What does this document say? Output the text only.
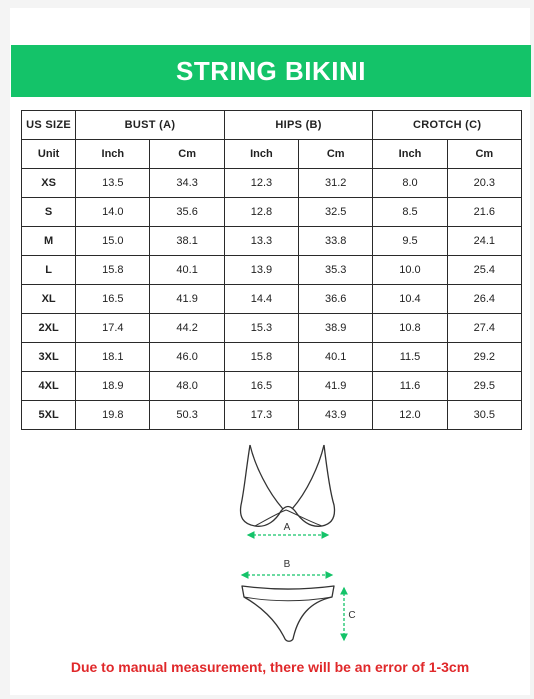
STRING BIKINI
US SIZE	BUST (A)		HIPS (B)		CROTCH (C)	
Unit	Inch	Cm	Inch	Cm	Inch	Cm
XS	13.5	34.3	12.3	31.2	8.0	20.3
S	14.0	35.6	12.8	32.5	8.5	21.6
M	15.0	38.1	13.3	33.8	9.5	24.1
L	15.8	40.1	13.9	35.3	10.0	25.4
XL	16.5	41.9	14.4	36.6	10.4	26.4
2XL	17.4	44.2	15.3	38.9	10.8	27.4
3XL	18.1	46.0	15.8	40.1	11.5	29.2
4XL	18.9	48.0	16.5	41.9	11.6	29.5
5XL	19.8	50.3	17.3	43.9	12.0	30.5
A
B
C
Due to manual measurement, there will be an error of 1-3cm
